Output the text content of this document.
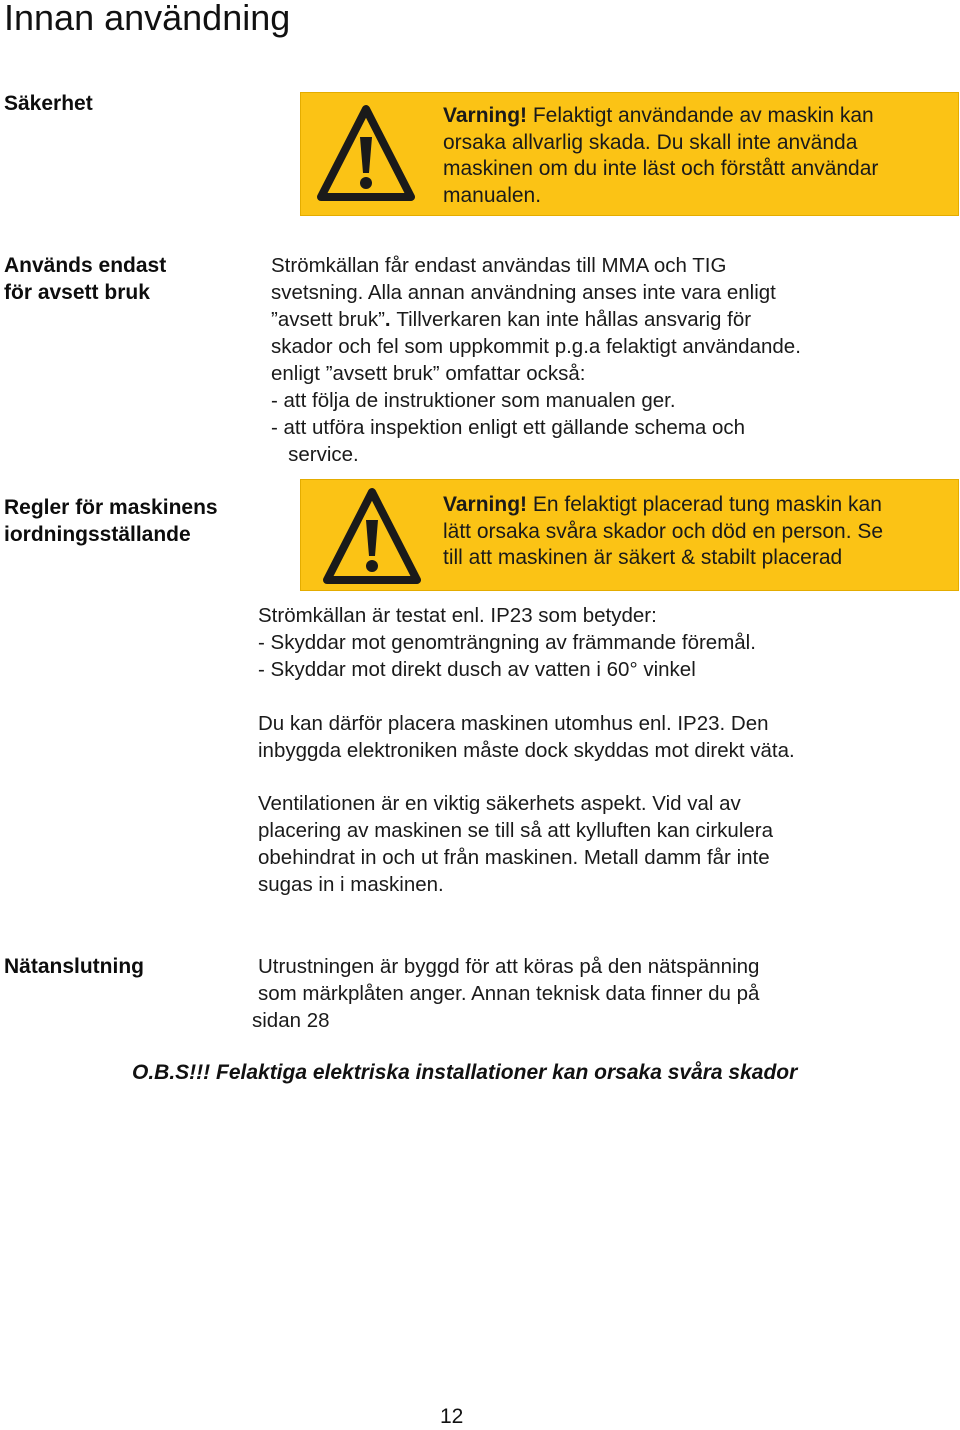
Innan användning
Säkerhet
Varning! Felaktigt användande av maskin kan
orsaka allvarlig skada. Du skall inte använda
maskinen om du inte läst och förstått användar
manualen.
Används endast
för avsett bruk
Strömkällan får endast användas till MMA och TIG
svetsning. Alla annan användning anses inte vara enligt
”avsett bruk”. Tillverkaren kan inte hållas ansvarig för
skador och fel som uppkommit p.g.a felaktigt användande.
enligt ”avsett bruk” omfattar också:
- att följa de instruktioner som manualen ger.
- att utföra inspektion enligt ett gällande schema och
service.
Regler för maskinens
iordningsställande
Varning! En felaktigt placerad tung maskin kan
lätt orsaka svåra skador och död en person. Se
till att maskinen är säkert & stabilt placerad
Strömkällan är testat enl. IP23 som betyder:
- Skyddar mot genomträngning av främmande föremål.
- Skyddar mot direkt dusch av vatten i 60° vinkel
Du kan därför placera maskinen utomhus enl. IP23. Den
inbyggda elektroniken måste dock skyddas mot direkt väta.
Ventilationen är en viktig säkerhets aspekt. Vid val av
placering av maskinen se till så att kylluften kan cirkulera
obehindrat in och ut från maskinen. Metall damm får inte
sugas in i maskinen.
Nätanslutning	Utrustningen är byggd för att köras på den nätspänning
som märkplåten anger. Annan teknisk data finner du på
sidan 28
O.B.S!!! Felaktiga elektriska installationer kan orsaka svåra skador
12
